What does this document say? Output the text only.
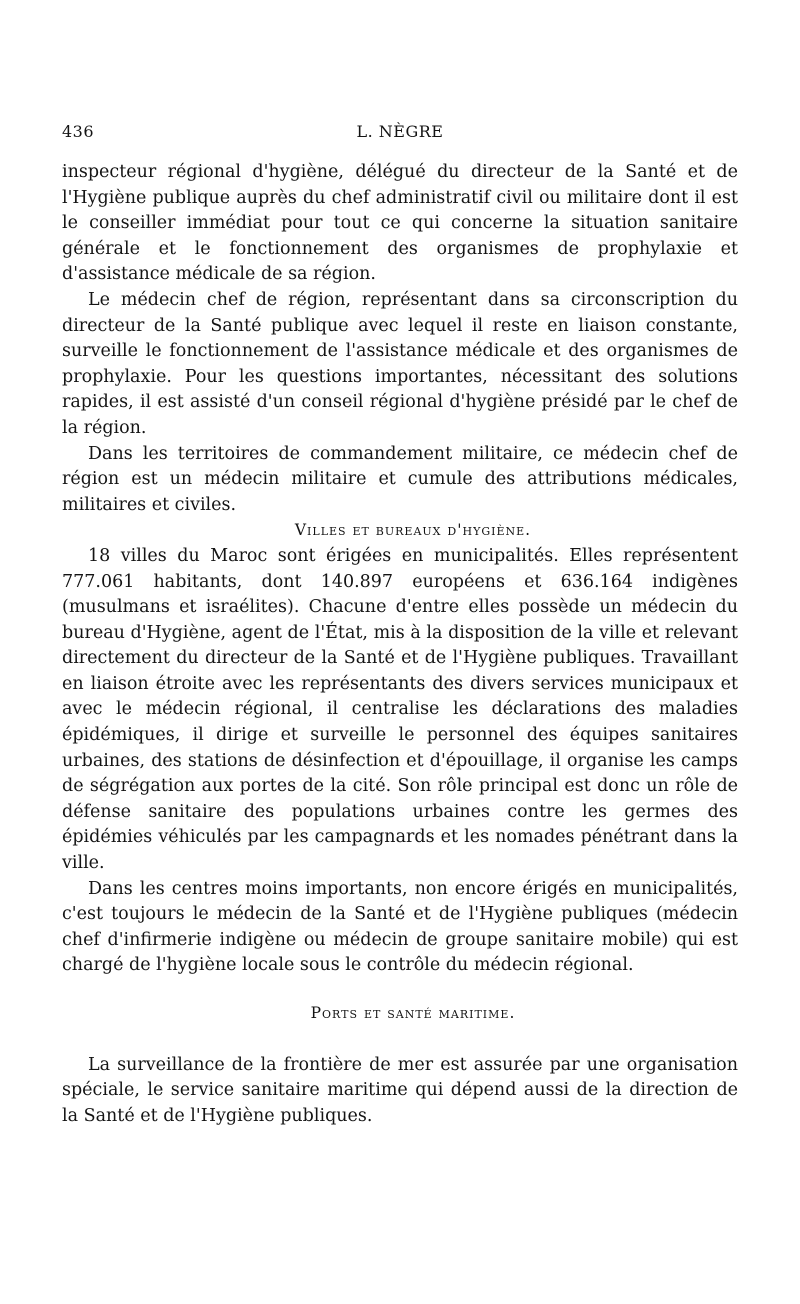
436	L. NÈGRE

inspecteur régional d'hygiène, délégué du directeur de la Santé et de l'Hygiène publique auprès du chef administratif civil ou militaire dont il est le conseiller immédiat pour tout ce qui concerne la situation sanitaire générale et le fonctionnement des organismes de prophylaxie et d'assistance médicale de sa région.

Le médecin chef de région, représentant dans sa circonscription du directeur de la Santé publique avec lequel il reste en liaison constante, surveille le fonctionnement de l'assistance médicale et des organismes de prophylaxie. Pour les questions importantes, nécessitant des solutions rapides, il est assisté d'un conseil régional d'hygiène présidé par le chef de la région.

Dans les territoires de commandement militaire, ce médecin chef de région est un médecin militaire et cumule des attributions médicales, militaires et civiles.

Villes et bureaux d'hygiène.

18 villes du Maroc sont érigées en municipalités. Elles représentent 777.061 habitants, dont 140.897 européens et 636.164 indigènes (musulmans et israélites). Chacune d'entre elles possède un médecin du bureau d'Hygiène, agent de l'État, mis à la disposition de la ville et relevant directement du directeur de la Santé et de l'Hygiène publiques. Travaillant en liaison étroite avec les représentants des divers services municipaux et avec le médecin régional, il centralise les déclarations des maladies épidémiques, il dirige et surveille le personnel des équipes sanitaires urbaines, des stations de désinfection et d'épouillage, il organise les camps de ségrégation aux portes de la cité. Son rôle principal est donc un rôle de défense sanitaire des populations urbaines contre les germes des épidémies véhiculés par les campagnards et les nomades pénétrant dans la ville.

Dans les centres moins importants, non encore érigés en municipalités, c'est toujours le médecin de la Santé et de l'Hygiène publiques (médecin chef d'infirmerie indigène ou médecin de groupe sanitaire mobile) qui est chargé de l'hygiène locale sous le contrôle du médecin régional.

Ports et santé maritime.

La surveillance de la frontière de mer est assurée par une organisation spéciale, le service sanitaire maritime qui dépend aussi de la direction de la Santé et de l'Hygiène publiques.
